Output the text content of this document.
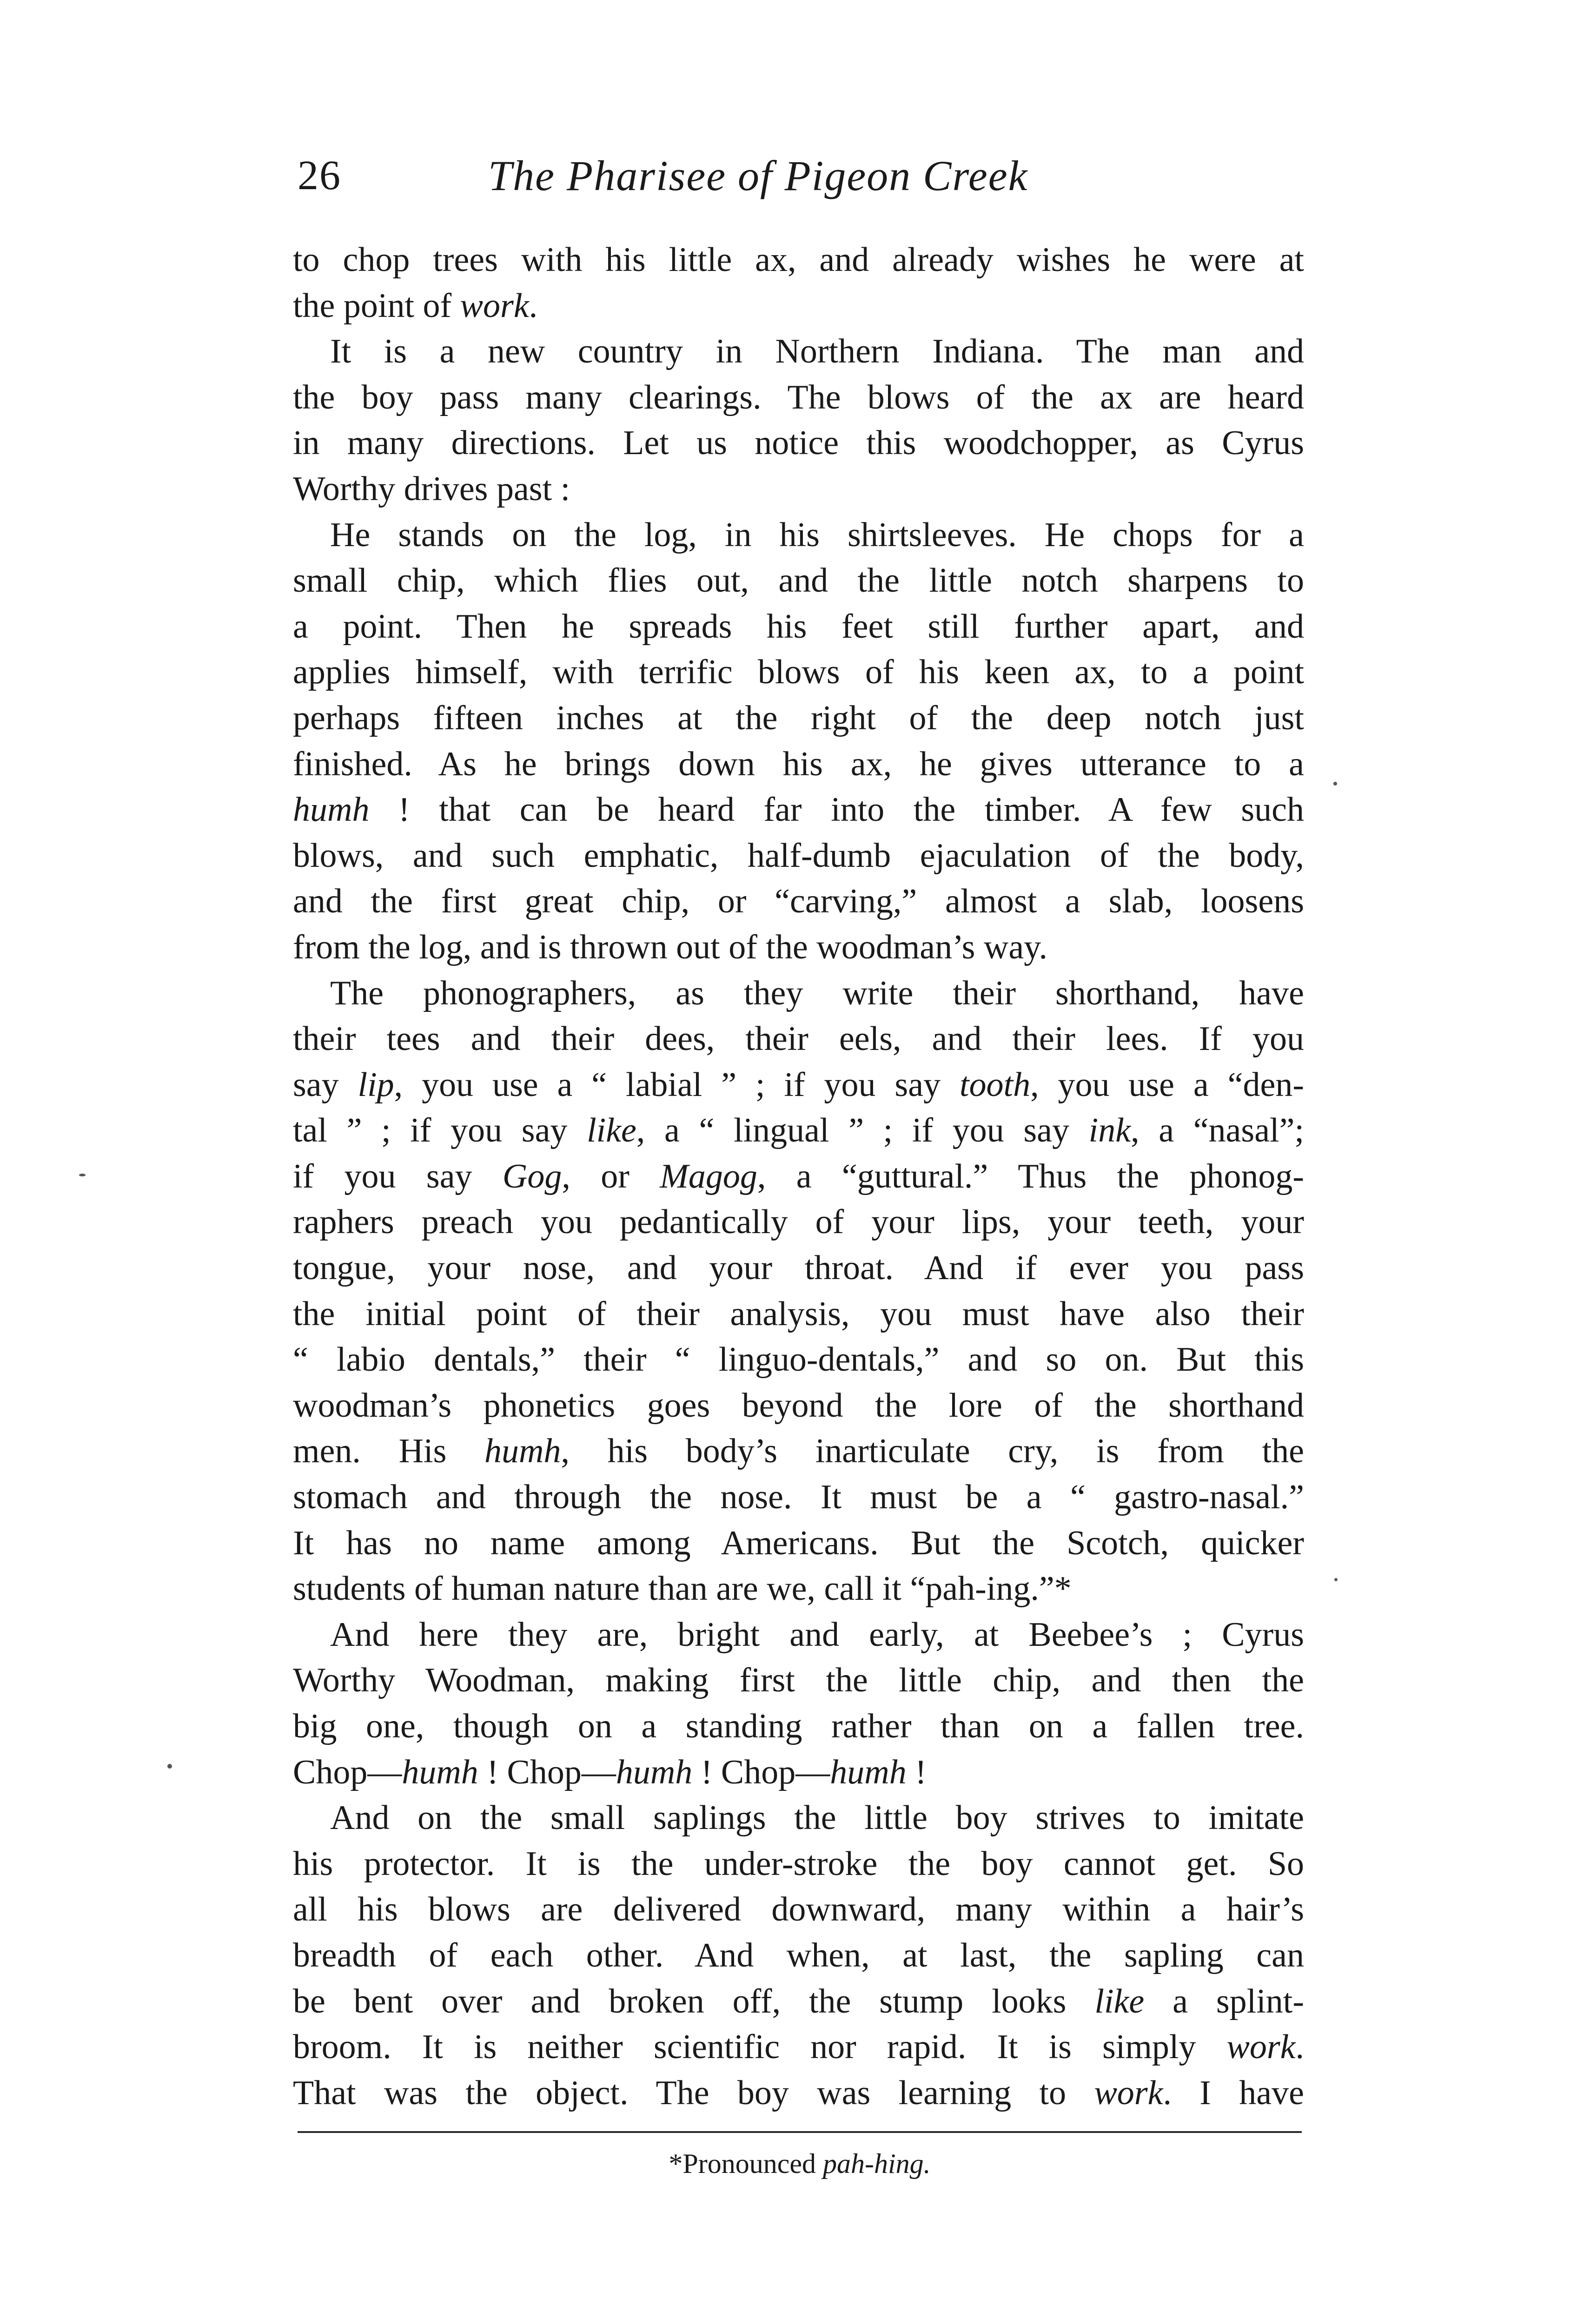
26	The Pharisee of Pigeon Creek

to chop trees with his little ax, and already wishes he were at
the point of work.

It is a new country in Northern Indiana. The man and
the boy pass many clearings. The blows of the ax are heard
in many directions. Let us notice this woodchopper, as Cyrus
Worthy drives past :

He stands on the log, in his shirtsleeves. He chops for a
small chip, which flies out, and the little notch sharpens to
a point. Then he spreads his feet still further apart, and
applies himself, with terrific blows of his keen ax, to a point
perhaps fifteen inches at the right of the deep notch just
finished. As he brings down his ax, he gives utterance to a
humh ! that can be heard far into the timber. A few such
blows, and such emphatic, half-dumb ejaculation of the body,
and the first great chip, or “carving,” almost a slab, loosens
from the log, and is thrown out of the woodman’s way.

The phonographers, as they write their shorthand, have
their tees and their dees, their eels, and their lees. If you
say lip, you use a “ labial ” ; if you say tooth, you use a “den-
tal ” ; if you say like, a “ lingual ” ; if you say ink, a “nasal”;
if you say Gog, or Magog, a “guttural.” Thus the phonog-
raphers preach you pedantically of your lips, your teeth, your
tongue, your nose, and your throat. And if ever you pass
the initial point of their analysis, you must have also their
“ labio dentals,” their “ linguo-dentals,” and so on. But this
woodman’s phonetics goes beyond the lore of the shorthand
men. His humh, his body’s inarticulate cry, is from the
stomach and through the nose. It must be a “ gastro-nasal.”
It has no name among Americans. But the Scotch, quicker
students of human nature than are we, call it “pah-ing.”*

And here they are, bright and early, at Beebee’s ; Cyrus
Worthy Woodman, making first the little chip, and then the
big one, though on a standing rather than on a fallen tree.
Chop—humh ! Chop—humh ! Chop—humh !

And on the small saplings the little boy strives to imitate
his protector. It is the under-stroke the boy cannot get. So
all his blows are delivered downward, many within a hair’s
breadth of each other. And when, at last, the sapling can
be bent over and broken off, the stump looks like a splint-
broom. It is neither scientific nor rapid. It is simply work.
That was the object. The boy was learning to work. I have

*Pronounced pah-hing.
